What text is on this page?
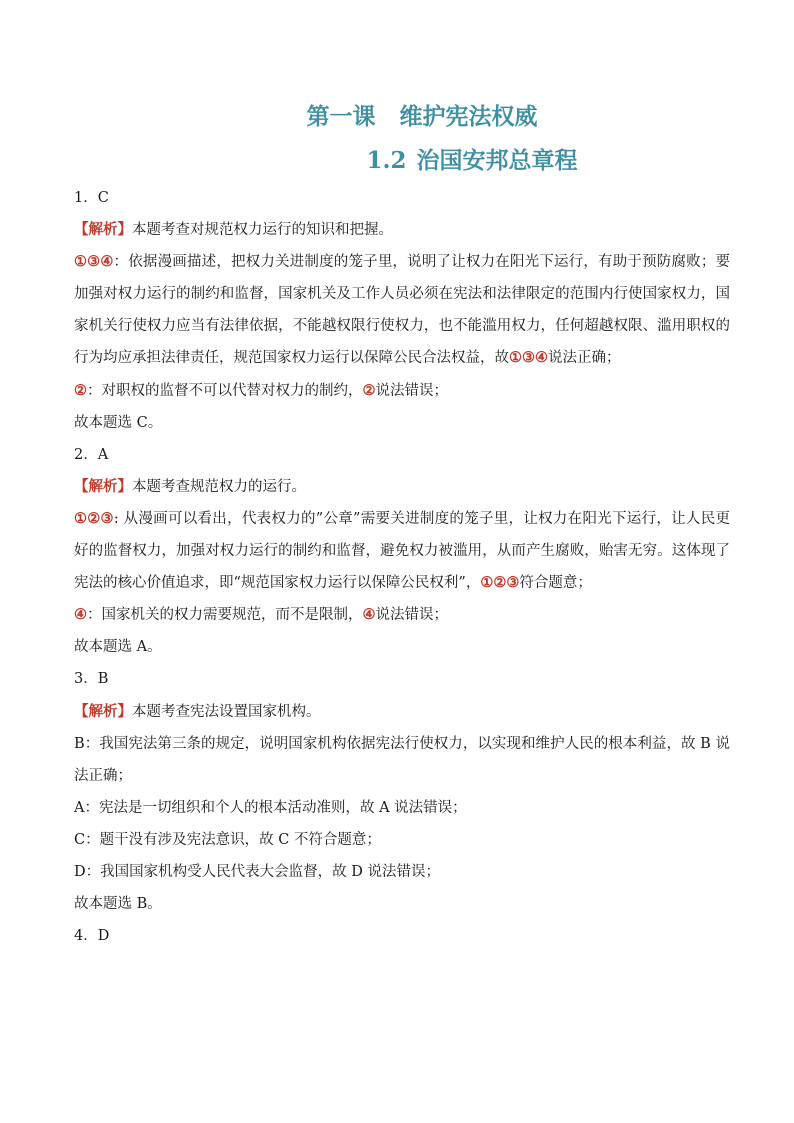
第一课 维护宪法权威
1.2 治国安邦总章程
1．C
【解析】本题考查对规范权力运行的知识和把握。
①③④：依据漫画描述，把权力关进制度的笼子里，说明了让权力在阳光下运行，有助于预防腐败；要加强对权力运行的制约和监督，国家机关及工作人员必须在宪法和法律限定的范围内行使国家权力，国家机关行使权力应当有法律依据，不能越权限行使权力，也不能滥用权力，任何超越权限、滥用职权的行为均应承担法律责任，规范国家权力运行以保障公民合法权益，故①③④说法正确；
②：对职权的监督不可以代替对权力的制约，②说法错误；
故本题选 C。
2．A
【解析】本题考查规范权力的运行。
①②③: 从漫画可以看出，代表权力的”公章”需要关进制度的笼子里，让权力在阳光下运行，让人民更好的监督权力，加强对权力运行的制约和监督，避免权力被滥用，从而产生腐败，贻害无穷。这体现了宪法的核心价值追求，即“规范国家权力运行以保障公民权利”，①②③符合题意；
④：国家机关的权力需要规范，而不是限制，④说法错误；
故本题选 A。
3．B
【解析】本题考查宪法设置国家机构。
B：我国宪法第三条的规定，说明国家机构依据宪法行使权力，以实现和维护人民的根本利益，故 B 说法正确；
A：宪法是一切组织和个人的根本活动准则，故 A 说法错误；
C：题干没有涉及宪法意识，故 C 不符合题意；
D：我国国家机构受人民代表大会监督，故 D 说法错误；
故本题选 B。
4．D
